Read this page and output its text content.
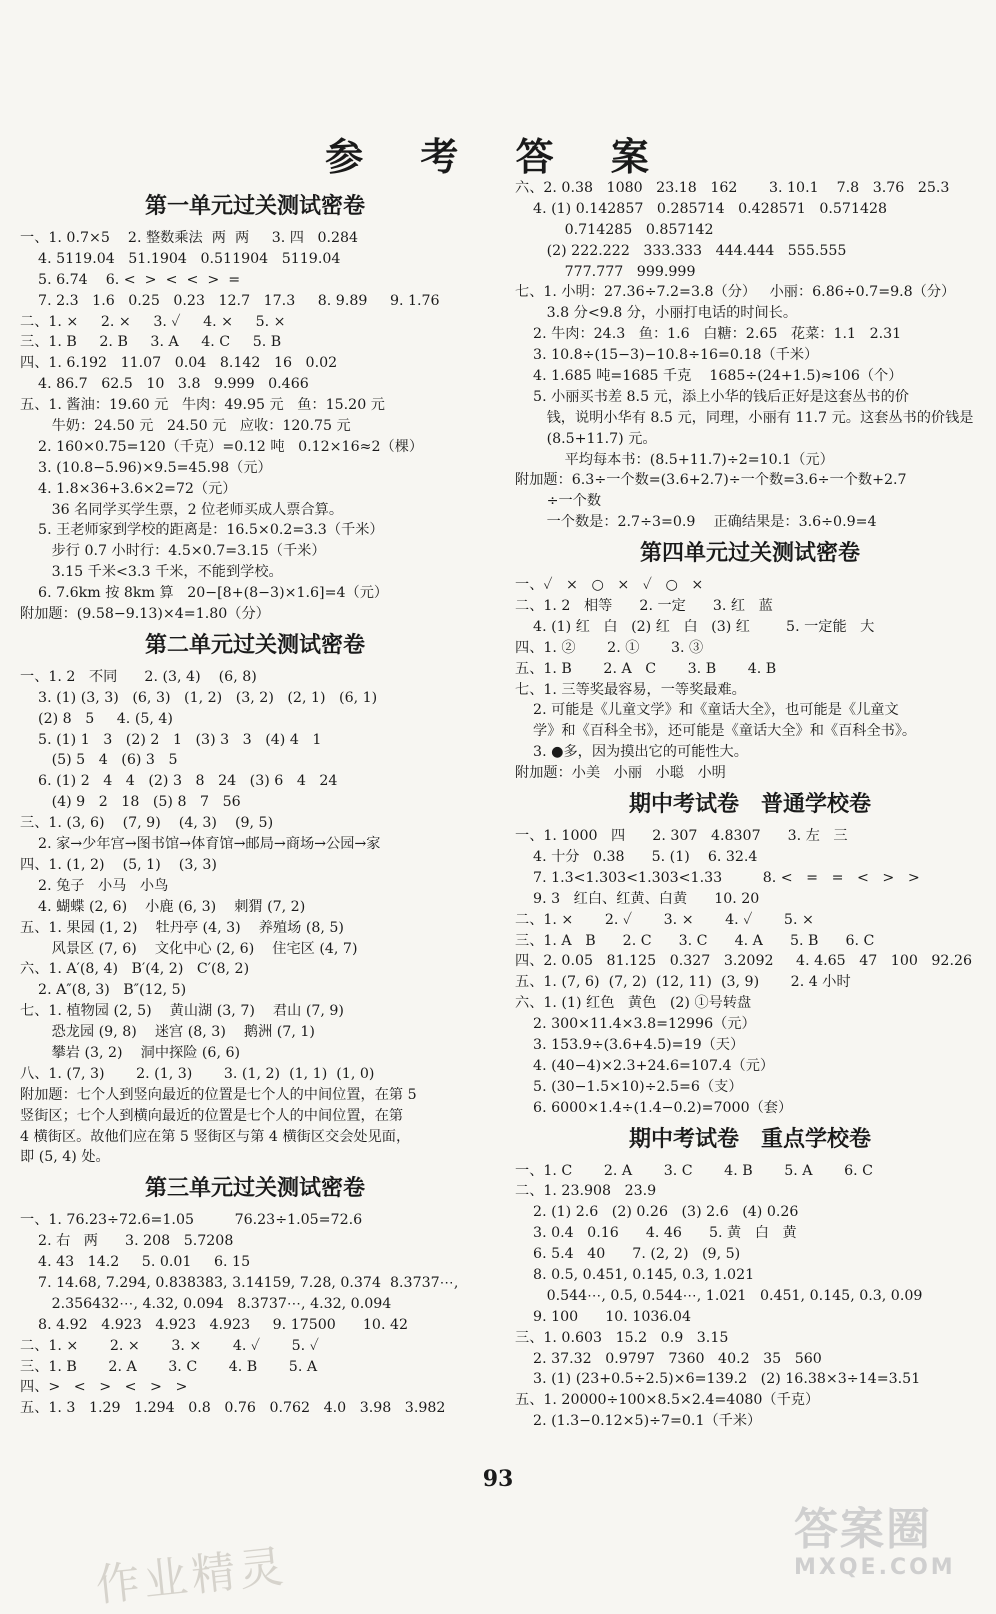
参 考 答 案
第一单元过关测试密卷
一、1. 0.7×5    2. 整数乘法  两  两     3. 四   0.284
4. 5119.04   51.1904   0.511904   5119.04
5. 6.74    6. <  >  <  <  >  =
7. 2.3   1.6   0.25   0.23   12.7   17.3     8. 9.89     9. 1.76
二、1. ×     2. ×     3. ✓     4. ×     5. ×
三、1. B     2. B     3. A     4. C     5. B
四、1. 6.192   11.07   0.04   8.142   16   0.02
4. 86.7   62.5   10   3.8   9.999   0.466
五、1. 酱油：19.60 元   牛肉：49.95 元   鱼：15.20 元
牛奶：24.50 元   24.50 元   应收：120.75 元
2. 160×0.75=120（千克）=0.12 吨   0.12×16≈2（棵）
3. (10.8−5.96)×9.5=45.98（元）
4. 1.8×36+3.6×2=72（元）
36 名同学买学生票，2 位老师买成人票合算。
5. 王老师家到学校的距离是：16.5×0.2=3.3（千米）
步行 0.7 小时行：4.5×0.7=3.15（千米）
3.15 千米<3.3 千米，不能到学校。
6. 7.6km 按 8km 算   20−[8+(8−3)×1.6]=4（元）
附加题：(9.58−9.13)×4=1.80（分）
第二单元过关测试密卷
一、1. 2   不同      2. (3, 4)    (6, 8)
3. (1) (3, 3)   (6, 3)   (1, 2)   (3, 2)   (2, 1)   (6, 1)
(2) 8   5     4. (5, 4)
5. (1) 1   3   (2) 2   1   (3) 3   3   (4) 4   1
(5) 5   4   (6) 3   5
6. (1) 2   4   4   (2) 3   8   24   (3) 6   4   24
(4) 9   2   18   (5) 8   7   56
三、1. (3, 6)    (7, 9)    (4, 3)    (9, 5)
2. 家→少年宫→图书馆→体育馆→邮局→商场→公园→家
四、1. (1, 2)    (5, 1)    (3, 3)
2. 兔子   小马   小鸟
4. 蝴蝶 (2, 6)    小鹿 (6, 3)    刺猬 (7, 2)
五、1. 果园 (1, 2)    牡丹亭 (4, 3)    养殖场 (8, 5)
风景区 (7, 6)    文化中心 (2, 6)    住宅区 (4, 7)
六、1. A′(8, 4)   B′(4, 2)   C′(8, 2)
2. A″(8, 3)   B″(12, 5)
七、1. 植物园 (2, 5)    黄山湖 (3, 7)    君山 (7, 9)
恐龙园 (9, 8)    迷宫 (8, 3)    鹅洲 (7, 1)
攀岩 (3, 2)    洞中探险 (6, 6)
八、1. (7, 3)       2. (1, 3)       3. (1, 2)  (1, 1)  (1, 0)
附加题：七个人到竖向最近的位置是七个人的中间位置，在第 5
竖街区；七个人到横向最近的位置是七个人的中间位置，在第
4 横街区。故他们应在第 5 竖街区与第 4 横街区交会处见面，
即 (5, 4) 处。
第三单元过关测试密卷
一、1. 76.23÷72.6=1.05         76.23÷1.05=72.6
2. 右   两      3. 208   5.7208
4. 43   14.2     5. 0.01     6. 15
7. 14.68, 7.294, 0.838383, 3.14159, 7.28, 0.374  8.3737⋯,
2.356432⋯, 4.32, 0.094   8.3737⋯, 4.32, 0.094
8. 4.92   4.923   4.923   4.923     9. 17500      10. 42
二、1. ×       2. ×       3. ×       4. ✓       5. ✓
三、1. B       2. A       3. C       4. B       5. A
四、>   <   >   <   >   >
五、1. 3   1.29   1.294   0.8   0.76   0.762   4.0   3.98   3.982
六、2. 0.38   1080   23.18   162       3. 10.1    7.8   3.76   25.3
4. (1) 0.142857   0.285714   0.428571   0.571428
0.714285   0.857142
(2) 222.222   333.333   444.444   555.555
777.777   999.999
七、1. 小明：27.36÷7.2=3.8（分）   小丽：6.86÷0.7=9.8（分）
3.8 分<9.8 分，小丽打电话的时间长。
2. 牛肉：24.3   鱼：1.6   白糖：2.65   花菜：1.1   2.31
3. 10.8÷(15−3)−10.8÷16=0.18（千米）
4. 1.685 吨=1685 千克    1685÷(24+1.5)≈106（个）
5. 小丽买书差 8.5 元，添上小华的钱后正好是这套丛书的价
钱，说明小华有 8.5 元，同理，小丽有 11.7 元。这套丛书的价钱是
(8.5+11.7) 元。
平均每本书：(8.5+11.7)÷2=10.1（元）
附加题：6.3÷一个数=(3.6+2.7)÷一个数=3.6÷一个数+2.7
÷一个数
一个数是：2.7÷3=0.9    正确结果是：3.6÷0.9=4
第四单元过关测试密卷
一、✓   ×   ○   ×   ✓   ○   ×
二、1. 2   相等      2. 一定      3. 红   蓝
4. (1) 红   白   (2) 红   白   (3) 红        5. 一定能   大
四、1. ②       2. ①       3. ③
五、1. B       2. A   C       3. B       4. B
七、1. 三等奖最容易，一等奖最难。
2. 可能是《儿童文学》和《童话大全》，也可能是《儿童文
学》和《百科全书》，还可能是《童话大全》和《百科全书》。
3. ●多，因为摸出它的可能性大。
附加题：小美   小丽   小聪   小明
期中考试卷　普通学校卷
一、1. 1000   四      2. 307   4.8307      3. 左   三
4. 十分   0.38      5. (1)    6. 32.4
7. 1.3<1.303<1.303<1.33         8. <   =   =   <   >   >
9. 3   红白、红黄、白黄      10. 20
二、1. ×       2. ✓       3. ×       4. ✓       5. ×
三、1. A   B      2. C      3. C      4. A      5. B      6. C
四、2. 0.05   81.125   0.327   3.2092     4. 4.65   47   100   92.26
五、1. (7, 6)  (7, 2)  (12, 11)  (3, 9)       2. 4 小时
六、1. (1) 红色   黄色   (2) ①号转盘
2. 300×11.4×3.8=12996（元）
3. 153.9÷(3.6+4.5)=19（天）
4. (40−4)×2.3+24.6=107.4（元）
5. (30−1.5×10)÷2.5=6（支）
6. 6000×1.4÷(1.4−0.2)=7000（套）
期中考试卷　重点学校卷
一、1. C       2. A       3. C       4. B       5. A       6. C
二、1. 23.908   23.9
2. (1) 2.6   (2) 0.26   (3) 2.6   (4) 0.26
3. 0.4   0.16      4. 46      5. 黄   白   黄
6. 5.4   40      7. (2, 2)   (9, 5)
8. 0.5, 0.451, 0.145, 0.3, 1.021
0.544⋯, 0.5, 0.544⋯, 1.021   0.451, 0.145, 0.3, 0.09
9. 100      10. 1036.04
三、1. 0.603   15.2   0.9   3.15
2. 37.32   0.9797   7360   40.2   35   560
3. (1) (23+0.5÷2.5)×6=139.2   (2) 16.38×3÷14=3.51
五、1. 20000÷100×8.5×2.4=4080（千克）
2. (1.3−0.12×5)÷7=0.1（千米）
93
作业精灵
答案圈
MXQE.COM
